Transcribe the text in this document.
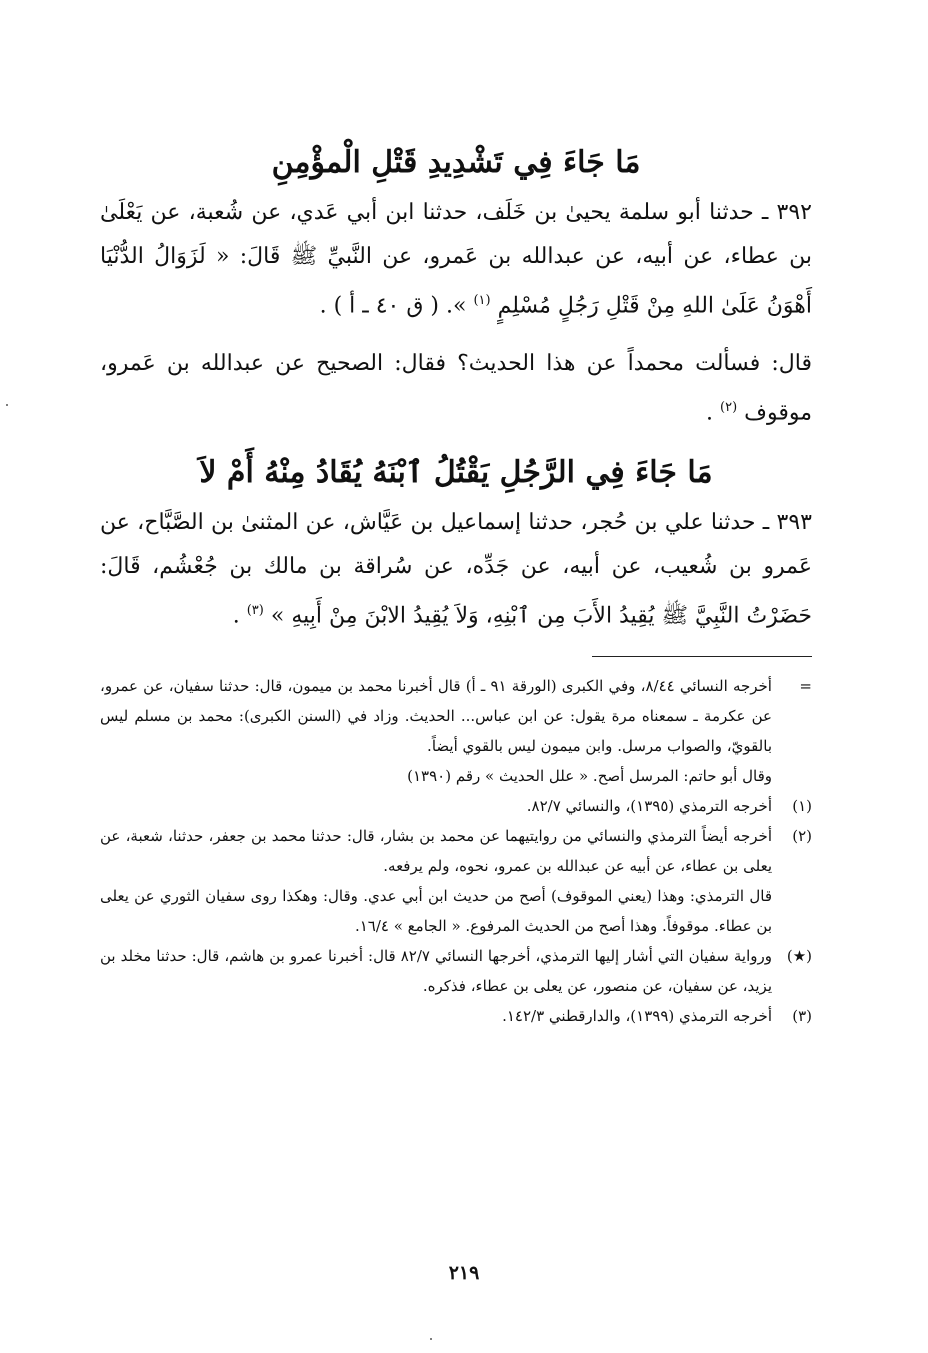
مَا جَاءَ فِي تَشْدِيدِ قَتْلِ الْمؤْمِنِ

٣٩٢ ـ حدثنا أبو سلمة يحيىٰ بن خَلَف، حدثنا ابن أبي عَدي، عن شُعبة، عن يَعْلَىٰ بن عطاء، عن أبيه، عن عبدالله بن عَمرو، عن النَّبيِّ ﷺ قَالَ: « لَزَوَالُ الدُّنْيَا أَهْوَنُ عَلَىٰ اللهِ مِنْ قَتْلِ رَجُلٍ مُسْلِمٍ $^{(١)}$ ». ( ق ٤٠ ـ أ ) .

قال: فسألت محمداً عن هذا الحديث؟ فقال: الصحيح عن عبدالله بن عَمرو، موقوف $^{(٢)}$ .

مَا جَاءَ فِي الرَّجُلِ يَقْتُلُ ٱبْنَهُ يُقَادُ مِنْهُ أَمْ لاَ

٣٩٣ ـ حدثنا علي بن حُجر، حدثنا إسماعيل بن عَيَّاش، عن المثنىٰ بن الصَّبَّاح، عن عَمرو بن شُعيب، عن أبيه، عن جَدِّه، عن سُراقة بن مالك بن جُعْشُم، قَالَ: حَضَرْتُ النَّبِيَّ ﷺ يُقِيدُ الأَبَ مِن ٱبْنِهِ، وَلاَ يُقِيدُ الابْنَ مِنْ أَبِيهِ » $^{(٣)}$ .

=
أخرجه النسائي ٨/٤٤، وفي الكبرى (الورقة ٩١ ـ أ) قال أخبرنا محمد بن ميمون، قال: حدثنا سفيان، عن عمرو، عن عكرمة ـ سمعناه مرة يقول: عن ابن عباس... الحديث. وزاد في (السنن الكبرى): محمد بن مسلم ليس بالقويّ، والصواب مرسل. وابن ميمون ليس بالقوي أيضاً.
وقال أبو حاتم: المرسل أصح. « علل الحديث » رقم (١٣٩٠)
(١)
أخرجه الترمذي (١٣٩٥)، والنسائي ٨٢/٧.
(٢)
أخرجه أيضاً الترمذي والنسائي من روايتيهما عن محمد بن بشار، قال: حدثنا محمد بن جعفر، حدثنا، شعبة، عن يعلى بن عطاء، عن أبيه عن عبدالله بن عمرو، نحوه، ولم يرفعه.
قال الترمذي: وهذا (يعني الموقوف) أصح من حديث ابن أبي عدي. وقال: وهكذا روى سفيان الثوري عن يعلى بن عطاء. موقوفاً. وهذا أصح من الحديث المرفوع. « الجامع » ١٦/٤.
(★)
ورواية سفيان التي أشار إليها الترمذي، أخرجها النسائي ٨٢/٧ قال: أخبرنا عمرو بن هاشم، قال: حدثنا مخلد بن يزيد، عن سفيان، عن منصور، عن يعلى بن عطاء، فذكره.
(٣)
أخرجه الترمذي (١٣٩٩)، والدارقطني ١٤٢/٣.
٢١٩
